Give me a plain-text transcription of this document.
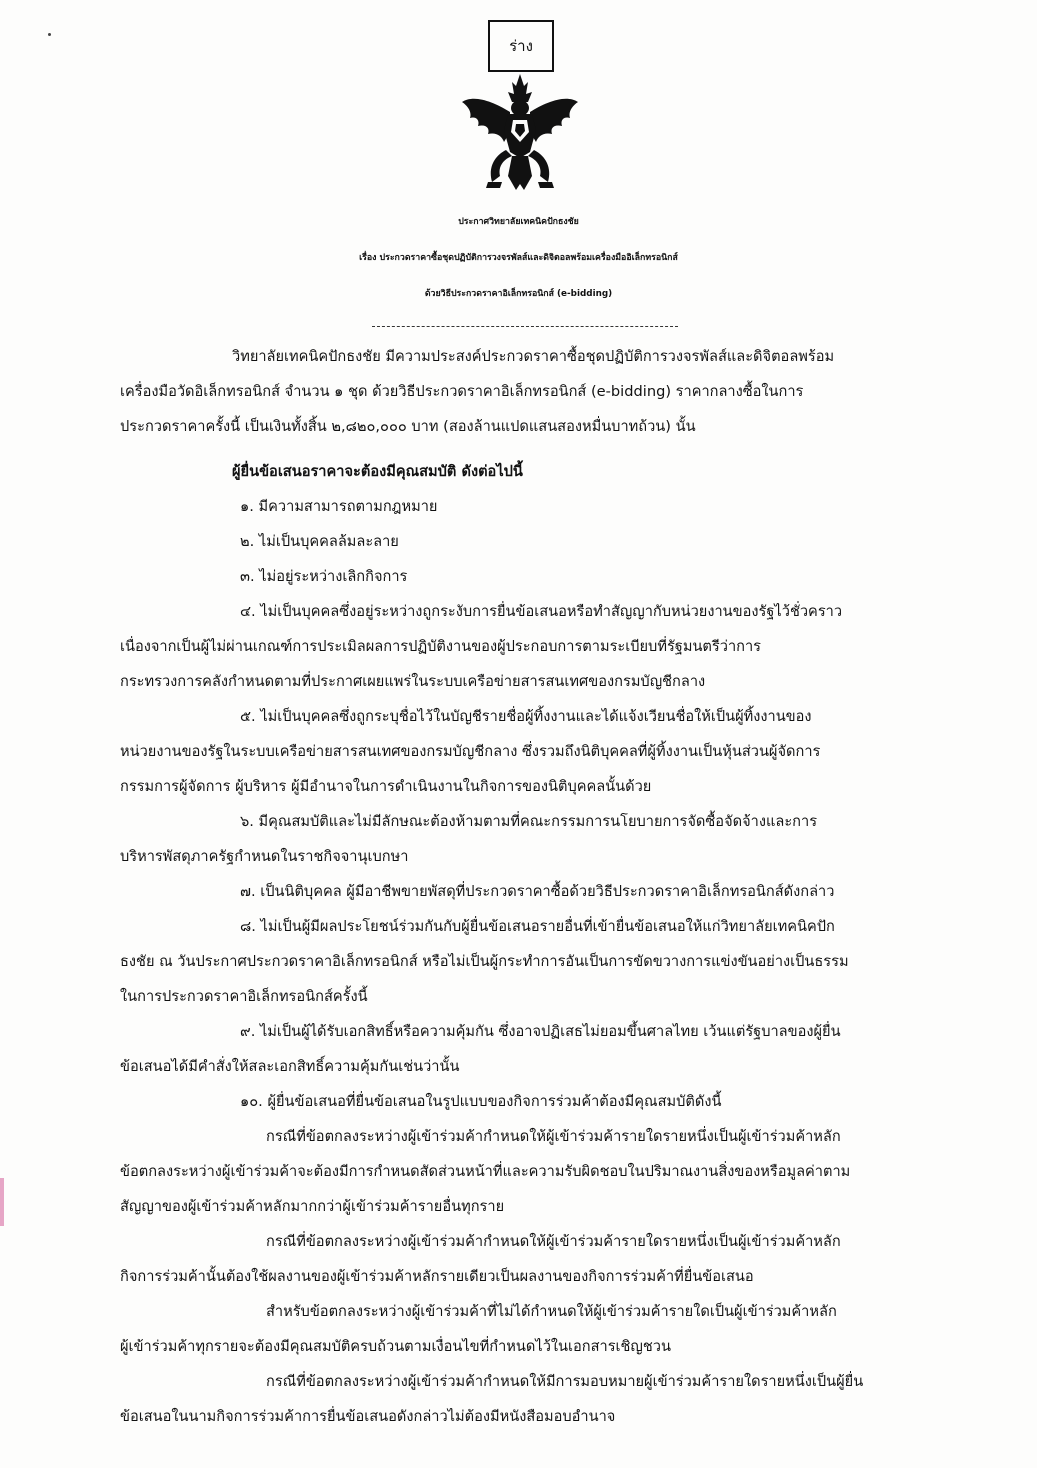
ร่าง
ประกาศวิทยาลัยเทคนิคปักธงชัย
เรื่อง ประกวดราคาซื้อชุดปฏิบัติการวงจรพัลส์และดิจิตอลพร้อมเครื่องมืออิเล็กทรอนิกส์
ด้วยวิธีประกวดราคาอิเล็กทรอนิกส์ (e-bidding)
วิทยาลัยเทคนิคปักธงชัย มีความประสงค์ประกวดราคาซื้อชุดปฏิบัติการวงจรพัลส์และดิจิตอลพร้อม
เครื่องมือวัดอิเล็กทรอนิกส์ จำนวน ๑ ชุด ด้วยวิธีประกวดราคาอิเล็กทรอนิกส์ (e-bidding) ราคากลางซื้อในการ
ประกวดราคาครั้งนี้ เป็นเงินทั้งสิ้น ๒,๘๒๐,๐๐๐ บาท (สองล้านแปดแสนสองหมื่นบาทถ้วน) นั้น
ผู้ยื่นข้อเสนอราคาจะต้องมีคุณสมบัติ ดังต่อไปนี้
๑. มีความสามารถตามกฎหมาย
๒. ไม่เป็นบุคคลล้มละลาย
๓. ไม่อยู่ระหว่างเลิกกิจการ
๔. ไม่เป็นบุคคลซึ่งอยู่ระหว่างถูกระงับการยื่นข้อเสนอหรือทำสัญญากับหน่วยงานของรัฐไว้ชั่วคราว
เนื่องจากเป็นผู้ไม่ผ่านเกณฑ์การประเมิลผลการปฏิบัติงานของผู้ประกอบการตามระเบียบที่รัฐมนตรีว่าการ
กระทรวงการคลังกำหนดตามที่ประกาศเผยแพร่ในระบบเครือข่ายสารสนเทศของกรมบัญชีกลาง
๕. ไม่เป็นบุคคลซึ่งถูกระบุชื่อไว้ในบัญชีรายชื่อผู้ทิ้งงานและได้แจ้งเวียนชื่อให้เป็นผู้ทิ้งงานของ
หน่วยงานของรัฐในระบบเครือข่ายสารสนเทศของกรมบัญชีกลาง ซึ่งรวมถึงนิติบุคคลที่ผู้ทิ้งงานเป็นหุ้นส่วนผู้จัดการ
กรรมการผู้จัดการ ผู้บริหาร ผู้มีอำนาจในการดำเนินงานในกิจการของนิติบุคคลนั้นด้วย
๖. มีคุณสมบัติและไม่มีลักษณะต้องห้ามตามที่คณะกรรมการนโยบายการจัดซื้อจัดจ้างและการ
บริหารพัสดุภาครัฐกำหนดในราชกิจจานุเบกษา
๗. เป็นนิติบุคคล ผู้มีอาชีพขายพัสดุที่ประกวดราคาซื้อด้วยวิธีประกวดราคาอิเล็กทรอนิกส์ดังกล่าว
๘. ไม่เป็นผู้มีผลประโยชน์ร่วมกันกับผู้ยื่นข้อเสนอรายอื่นที่เข้ายื่นข้อเสนอให้แก่วิทยาลัยเทคนิคปัก
ธงชัย ณ วันประกาศประกวดราคาอิเล็กทรอนิกส์ หรือไม่เป็นผู้กระทำการอันเป็นการขัดขวางการแข่งขันอย่างเป็นธรรม
ในการประกวดราคาอิเล็กทรอนิกส์ครั้งนี้
๙. ไม่เป็นผู้ได้รับเอกสิทธิ์หรือความคุ้มกัน ซึ่งอาจปฏิเสธไม่ยอมขึ้นศาลไทย เว้นแต่รัฐบาลของผู้ยื่น
ข้อเสนอได้มีคำสั่งให้สละเอกสิทธิ์ความคุ้มกันเช่นว่านั้น
๑๐. ผู้ยื่นข้อเสนอที่ยื่นข้อเสนอในรูปแบบของกิจการร่วมค้าต้องมีคุณสมบัติดังนี้
กรณีที่ข้อตกลงระหว่างผู้เข้าร่วมค้ากำหนดให้ผู้เข้าร่วมค้ารายใดรายหนึ่งเป็นผู้เข้าร่วมค้าหลัก
ข้อตกลงระหว่างผู้เข้าร่วมค้าจะต้องมีการกำหนดสัดส่วนหน้าที่และความรับผิดชอบในปริมาณงานสิ่งของหรือมูลค่าตาม
สัญญาของผู้เข้าร่วมค้าหลักมากกว่าผู้เข้าร่วมค้ารายอื่นทุกราย
กรณีที่ข้อตกลงระหว่างผู้เข้าร่วมค้ากำหนดให้ผู้เข้าร่วมค้ารายใดรายหนึ่งเป็นผู้เข้าร่วมค้าหลัก
กิจการร่วมค้านั้นต้องใช้ผลงานของผู้เข้าร่วมค้าหลักรายเดียวเป็นผลงานของกิจการร่วมค้าที่ยื่นข้อเสนอ
สำหรับข้อตกลงระหว่างผู้เข้าร่วมค้าที่ไม่ได้กำหนดให้ผู้เข้าร่วมค้ารายใดเป็นผู้เข้าร่วมค้าหลัก
ผู้เข้าร่วมค้าทุกรายจะต้องมีคุณสมบัติครบถ้วนตามเงื่อนไขที่กำหนดไว้ในเอกสารเชิญชวน
กรณีที่ข้อตกลงระหว่างผู้เข้าร่วมค้ากำหนดให้มีการมอบหมายผู้เข้าร่วมค้ารายใดรายหนึ่งเป็นผู้ยื่น
ข้อเสนอในนามกิจการร่วมค้าการยื่นข้อเสนอดังกล่าวไม่ต้องมีหนังสือมอบอำนาจ
